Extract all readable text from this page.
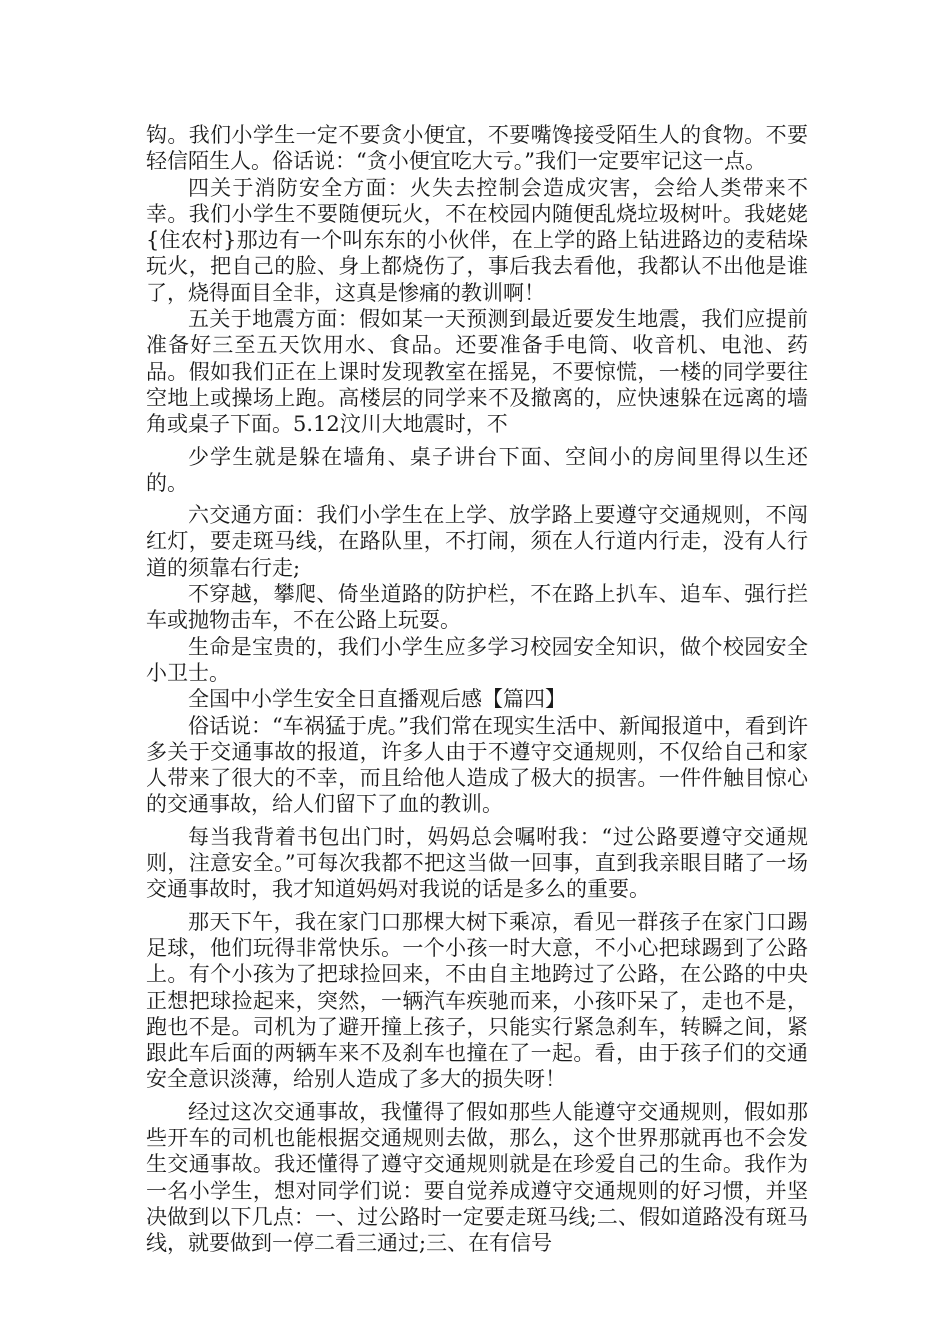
钩。我们小学生一定不要贪小便宜，不要嘴馋接受陌生人的食物。不要轻信陌生人。俗话说：“贪小便宜吃大亏。”我们一定要牢记这一点。

四关于消防安全方面：火失去控制会造成灾害，会给人类带来不幸。我们小学生不要随便玩火，不在校园内随便乱烧垃圾树叶。我姥姥{住农村}那边有一个叫东东的小伙伴，在上学的路上钻进路边的麦秸垛玩火，把自己的脸、身上都烧伤了，事后我去看他，我都认不出他是谁了，烧得面目全非，这真是惨痛的教训啊！

五关于地震方面：假如某一天预测到最近要发生地震，我们应提前准备好三至五天饮用水、食品。还要准备手电筒、收音机、电池、药品。假如我们正在上课时发现教室在摇晃，不要惊慌，一楼的同学要往空地上或操场上跑。高楼层的同学来不及撤离的，应快速躲在远离的墙角或桌子下面。5.12汶川大地震时，不

少学生就是躲在墙角、桌子讲台下面、空间小的房间里得以生还的。

六交通方面：我们小学生在上学、放学路上要遵守交通规则，不闯红灯，要走斑马线，在路队里，不打闹，须在人行道内行走，没有人行道的须靠右行走;

不穿越，攀爬、倚坐道路的防护栏，不在路上扒车、追车、强行拦车或抛物击车，不在公路上玩耍。

生命是宝贵的，我们小学生应多学习校园安全知识，做个校园安全小卫士。

全国中小学生安全日直播观后感【篇四】

俗话说：“车祸猛于虎。”我们常在现实生活中、新闻报道中，看到许多关于交通事故的报道，许多人由于不遵守交通规则，不仅给自己和家人带来了很大的不幸，而且给他人造成了极大的损害。一件件触目惊心的交通事故，给人们留下了血的教训。

每当我背着书包出门时，妈妈总会嘱咐我：“过公路要遵守交通规则，注意安全。”可每次我都不把这当做一回事，直到我亲眼目睹了一场交通事故时，我才知道妈妈对我说的话是多么的重要。

那天下午，我在家门口那棵大树下乘凉，看见一群孩子在家门口踢足球，他们玩得非常快乐。一个小孩一时大意，不小心把球踢到了公路上。有个小孩为了把球捡回来，不由自主地跨过了公路，在公路的中央正想把球捡起来，突然，一辆汽车疾驰而来，小孩吓呆了，走也不是，跑也不是。司机为了避开撞上孩子，只能实行紧急刹车，转瞬之间，紧跟此车后面的两辆车来不及刹车也撞在了一起。看，由于孩子们的交通安全意识淡薄，给别人造成了多大的损失呀！

经过这次交通事故，我懂得了假如那些人能遵守交通规则，假如那些开车的司机也能根据交通规则去做，那么，这个世界那就再也不会发生交通事故。我还懂得了遵守交通规则就是在珍爱自己的生命。我作为一名小学生，想对同学们说：要自觉养成遵守交通规则的好习惯，并坚决做到以下几点：一、过公路时一定要走斑马线;二、假如道路没有斑马线，就要做到一停二看三通过;三、在有信号
